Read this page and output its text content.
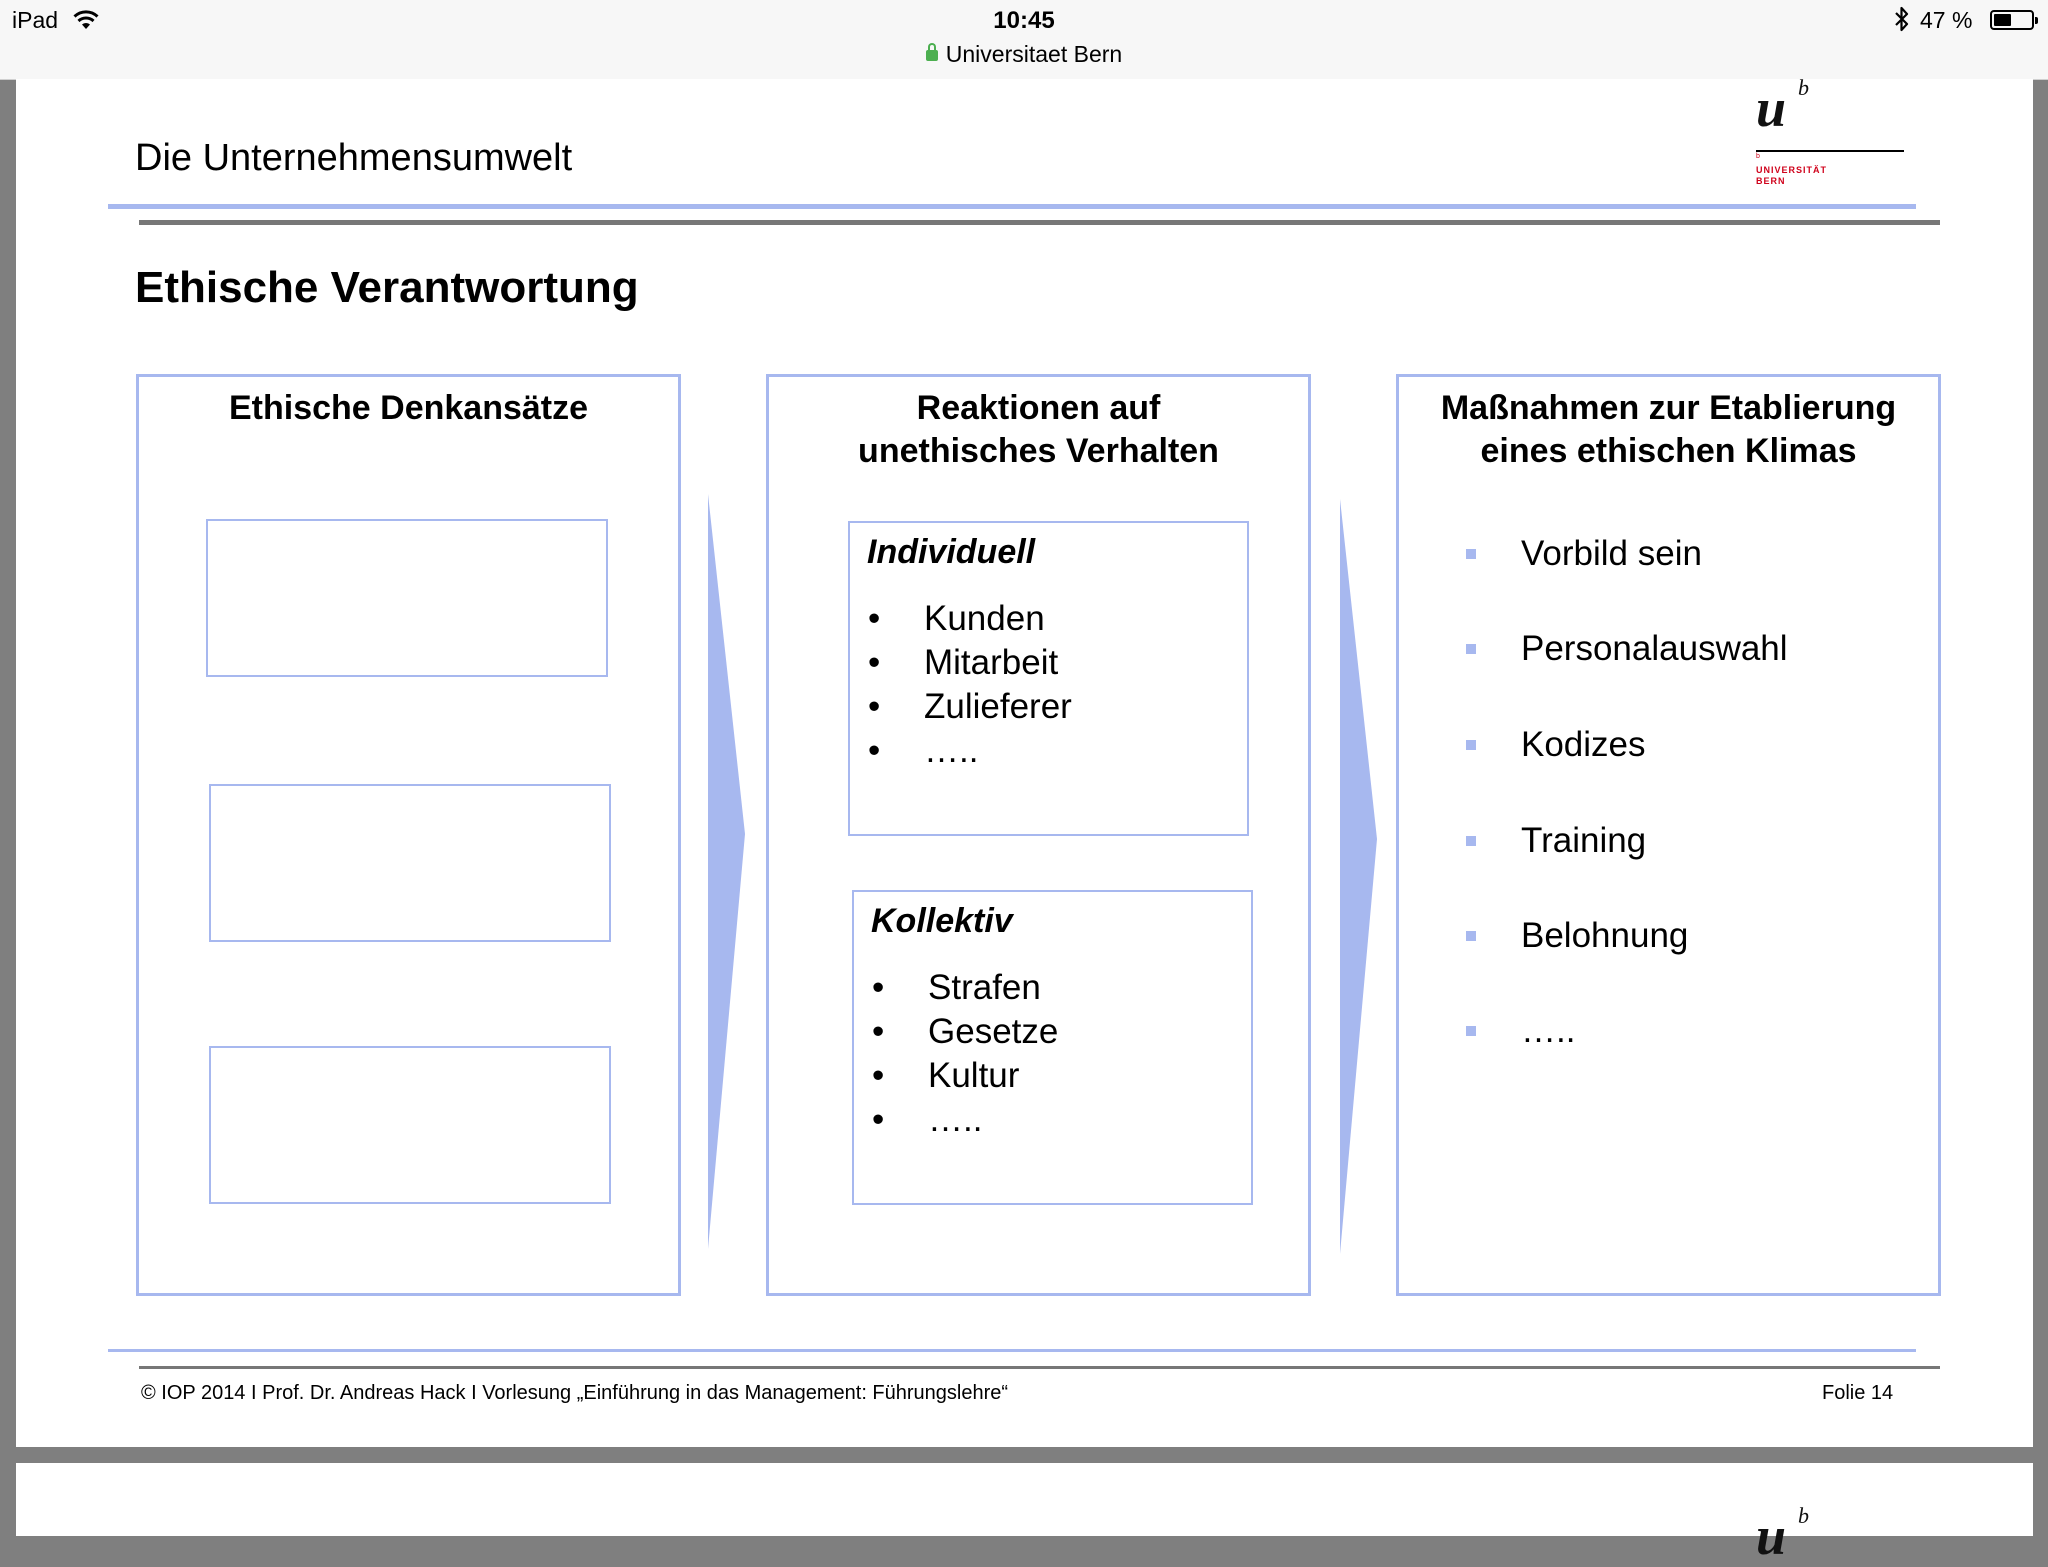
iPad	10:45
Universitaet Bern
47 %
Die Unternehmensumwelt
u b
b
UNIVERSITÄT
BERN
Ethische Verantwortung
Ethische Denkansätze	Reaktionen auf
unethisches Verhalten
Individuell
• Kunden
• Mitarbeit
• Zulieferer
• …..
Kollektiv
• Strafen
• Gesetze
• Kultur
• …..
Maßnahmen zur Etablierung
eines ethischen Klimas
Vorbild sein
Personalauswahl
Kodizes
Training
Belohnung
…..
© IOP 2014 I Prof. Dr. Andreas Hack I Vorlesung „Einführung in das Management: Führungslehre“	Folie 14
u b
